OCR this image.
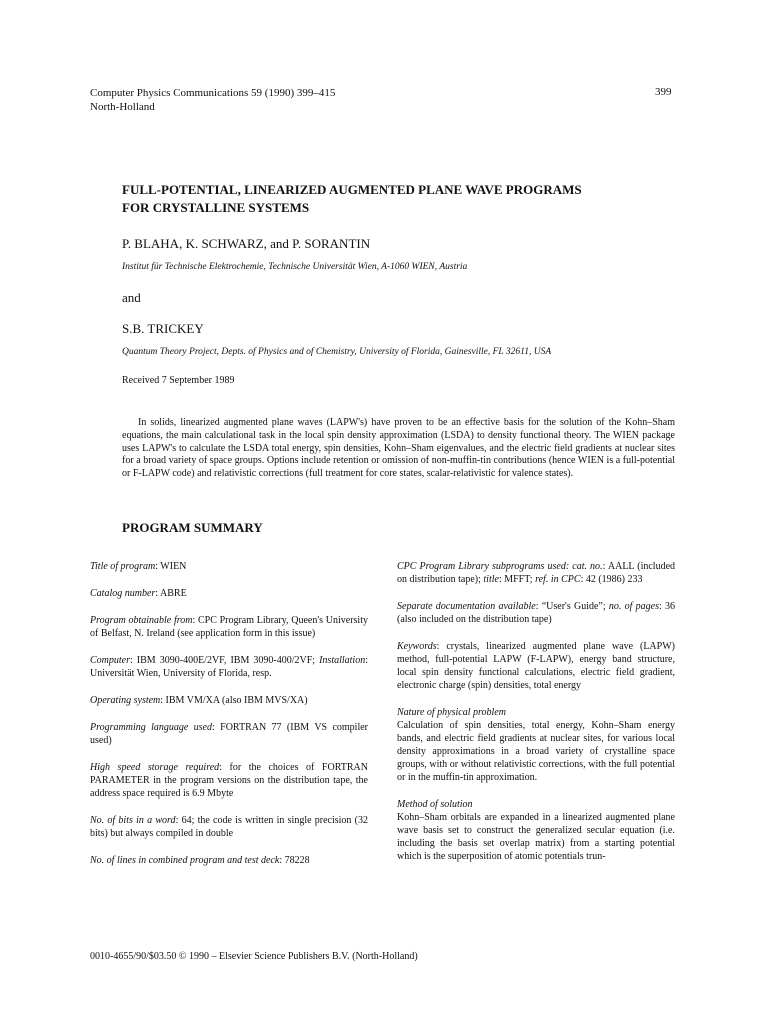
Computer Physics Communications 59 (1990) 399–415
North-Holland
399
FULL-POTENTIAL, LINEARIZED AUGMENTED PLANE WAVE PROGRAMS
FOR CRYSTALLINE SYSTEMS
P. BLAHA, K. SCHWARZ, and P. SORANTIN
Institut für Technische Elektrochemie, Technische Universität Wien, A-1060 WIEN, Austria
and
S.B. TRICKEY
Quantum Theory Project, Depts. of Physics and of Chemistry, University of Florida, Gainesville, FL 32611, USA
Received 7 September 1989
In solids, linearized augmented plane waves (LAPW's) have proven to be an effective basis for the solution of the Kohn–Sham equations, the main calculational task in the local spin density approximation (LSDA) to density functional theory. The WIEN package uses LAPW's to calculate the LSDA total energy, spin densities, Kohn–Sham eigenvalues, and the electric field gradients at nuclear sites for a broad variety of space groups. Options include retention or omission of non-muffin-tin contributions (hence WIEN is a full-potential or F-LAPW code) and relativistic corrections (full treatment for core states, scalar-relativistic for valence states).
PROGRAM SUMMARY
Title of program: WIEN
Catalog number: ABRE
Program obtainable from: CPC Program Library, Queen's University of Belfast, N. Ireland (see application form in this issue)
Computer: IBM 3090-400E/2VF, IBM 3090-400/2VF; Installation: Universität Wien, University of Florida, resp.
Operating system: IBM VM/XA (also IBM MVS/XA)
Programming language used: FORTRAN 77 (IBM VS compiler used)
High speed storage required: for the choices of FORTRAN PARAMETER in the program versions on the distribution tape, the address space required is 6.9 Mbyte
No. of bits in a word: 64; the code is written in single precision (32 bits) but always compiled in double
No. of lines in combined program and test deck: 78228
CPC Program Library subprograms used: cat. no.: AALL (included on distribution tape); title: MFFT; ref. in CPC: 42 (1986) 233
Separate documentation available: “User's Guide”; no. of pages: 36 (also included on the distribution tape)
Keywords: crystals, linearized augmented plane wave (LAPW) method, full-potential LAPW (F-LAPW), energy band structure, local spin density functional calculations, electric field gradient, electronic charge (spin) densities, total energy
Nature of physical problem
Calculation of spin densities, total energy, Kohn–Sham energy bands, and electric field gradients at nuclear sites, for various local density approximations in a broad variety of crystalline space groups, with or without relativistic corrections, with the full potential or in the muffin-tin approximation.
Method of solution
Kohn–Sham orbitals are expanded in a linearized augmented plane wave basis set to construct the generalized secular equation (i.e. including the basis set overlap matrix) from a starting potential which is the superposition of atomic potentials trun-
0010-4655/90/$03.50 © 1990 – Elsevier Science Publishers B.V. (North-Holland)
